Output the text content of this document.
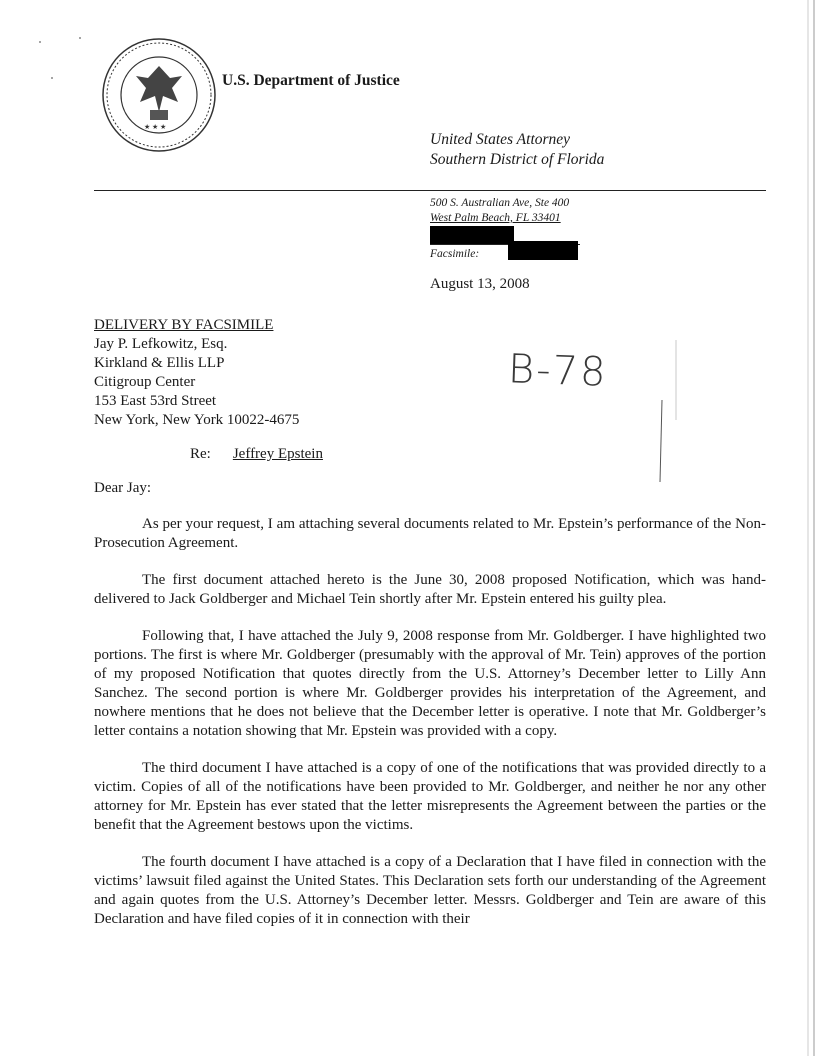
★ ★ ★
U.S. Department of Justice
United States Attorney
Southern District of Florida
500 S. Australian Ave, Ste 400
West Palm Beach, FL 33401
Facsimile:
August 13, 2008
DELIVERY BY FACSIMILE
Jay P. Lefkowitz, Esq.
Kirkland & Ellis LLP
Citigroup Center
153 East 53rd Street
New York, New York 10022-4675
B-78
Re: Jeffrey Epstein
Dear Jay:

As per your request, I am attaching several documents related to Mr. Epstein’s performance of the Non-Prosecution Agreement.

The first document attached hereto is the June 30, 2008 proposed Notification, which was hand-delivered to Jack Goldberger and Michael Tein shortly after Mr. Epstein entered his guilty plea.

Following that, I have attached the July 9, 2008 response from Mr. Goldberger. I have highlighted two portions. The first is where Mr. Goldberger (presumably with the approval of Mr. Tein) approves of the portion of my proposed Notification that quotes directly from the U.S. Attorney’s December letter to Lilly Ann Sanchez. The second portion is where Mr. Goldberger provides his interpretation of the Agreement, and nowhere mentions that he does not believe that the December letter is operative. I note that Mr. Goldberger’s letter contains a notation showing that Mr. Epstein was provided with a copy.

The third document I have attached is a copy of one of the notifications that was provided directly to a victim. Copies of all of the notifications have been provided to Mr. Goldberger, and neither he nor any other attorney for Mr. Epstein has ever stated that the letter misrepresents the Agreement between the parties or the benefit that the Agreement bestows upon the victims.

The fourth document I have attached is a copy of a Declaration that I have filed in connection with the victims’ lawsuit filed against the United States. This Declaration sets forth our understanding of the Agreement and again quotes from the U.S. Attorney’s December letter. Messrs. Goldberger and Tein are aware of this Declaration and have filed copies of it in connection with their
